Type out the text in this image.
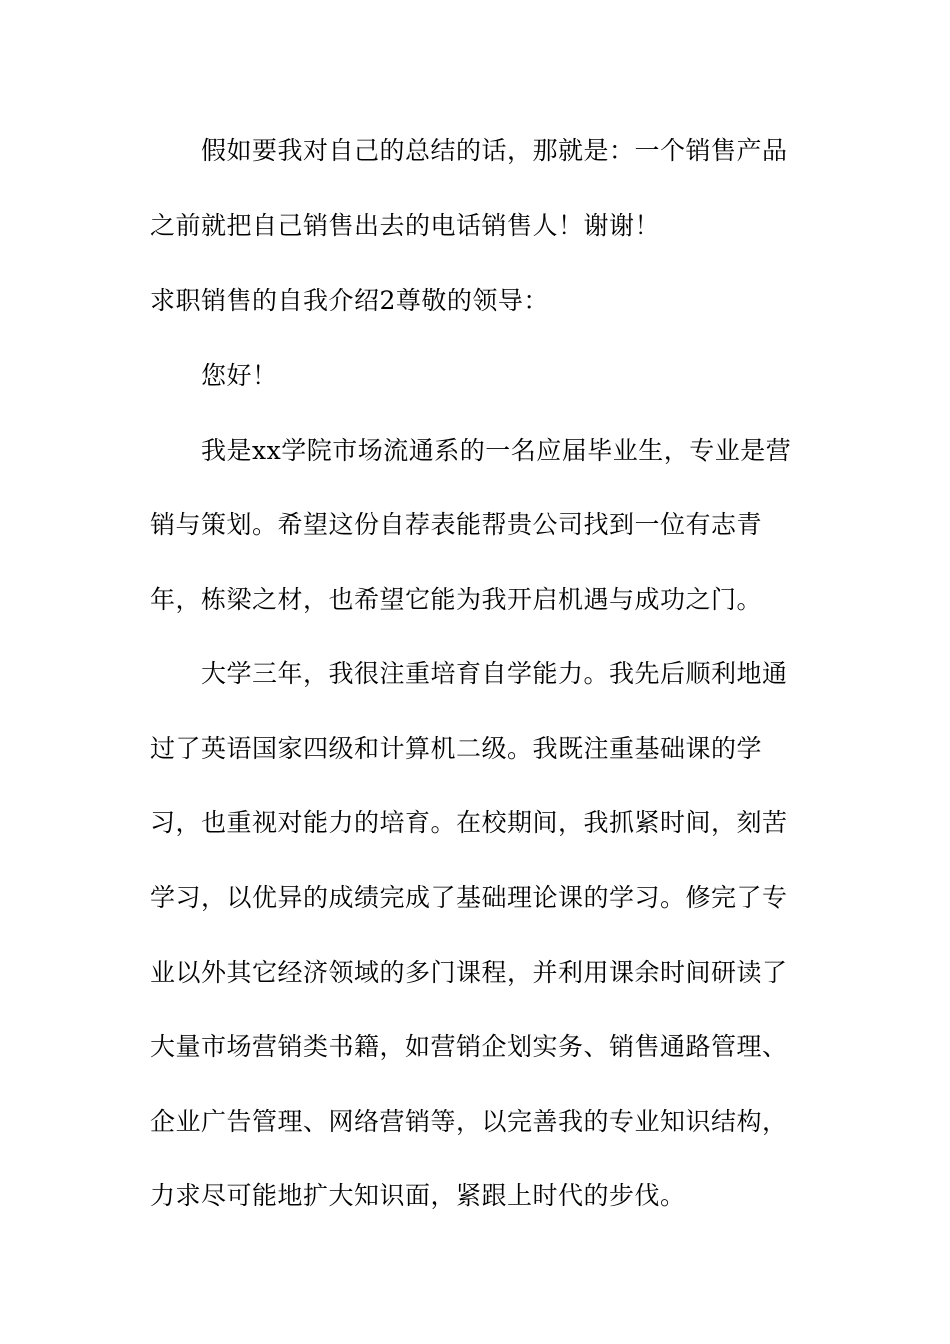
假如要我对自己的总结的话，那就是：一个销售产品
之前就把自己销售出去的电话销售人！谢谢！
求职销售的自我介绍2尊敬的领导：
您好！
我是xx学院市场流通系的一名应届毕业生，专业是营
销与策划。希望这份自荐表能帮贵公司找到一位有志青
年，栋梁之材，也希望它能为我开启机遇与成功之门。
大学三年，我很注重培育自学能力。我先后顺利地通
过了英语国家四级和计算机二级。我既注重基础课的学
习，也重视对能力的培育。在校期间，我抓紧时间，刻苦
学习，以优异的成绩完成了基础理论课的学习。修完了专
业以外其它经济领域的多门课程，并利用课余时间研读了
大量市场营销类书籍，如营销企划实务、销售通路管理、
企业广告管理、网络营销等，以完善我的专业知识结构，
力求尽可能地扩大知识面，紧跟上时代的步伐。
